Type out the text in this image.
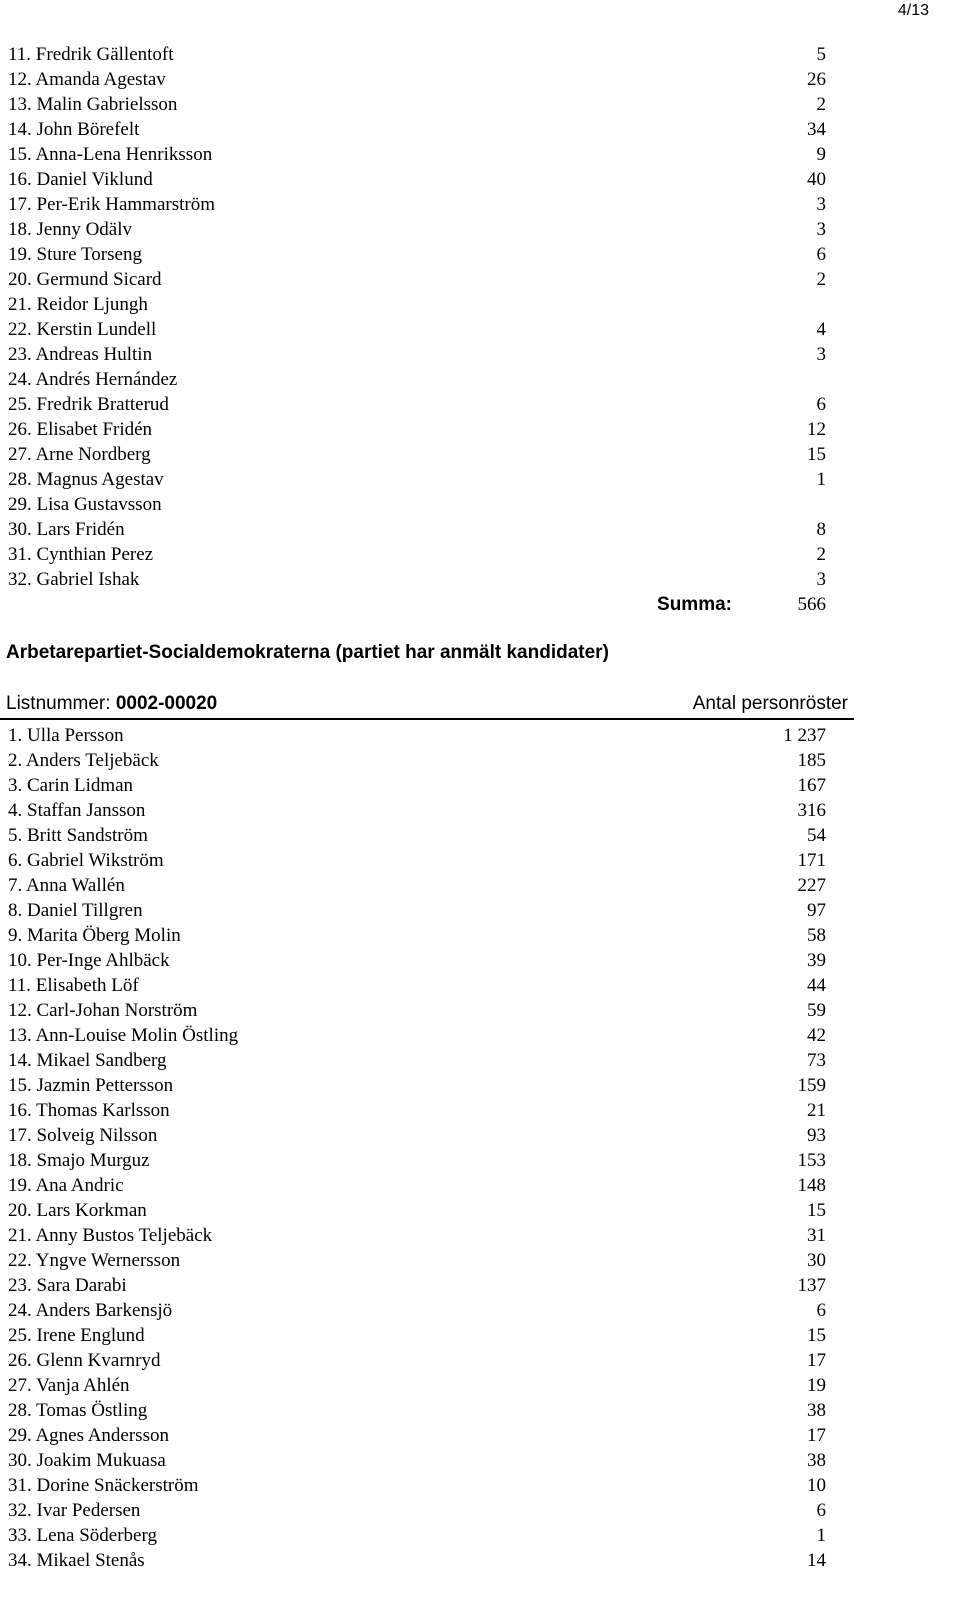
4/13
11. Fredrik Gällentoft	5
12. Amanda Agestav	26
13. Malin Gabrielsson	2
14. John Börefelt	34
15. Anna-Lena Henriksson	9
16. Daniel Viklund	40
17. Per-Erik Hammarström	3
18. Jenny Odälv	3
19. Sture Torseng	6
20. Germund Sicard	2
21. Reidor Ljungh
22. Kerstin Lundell	4
23. Andreas Hultin	3
24. Andrés Hernández
25. Fredrik Bratterud	6
26. Elisabet Fridén	12
27. Arne Nordberg	15
28. Magnus Agestav	1
29. Lisa Gustavsson
30. Lars Fridén	8
31. Cynthian Perez	2
32. Gabriel Ishak	3
Summa:	566
Arbetarepartiet-Socialdemokraterna (partiet har anmält kandidater)
Listnummer: 0002-00020	Antal personröster
1. Ulla Persson	1 237
2. Anders Teljebäck	185
3. Carin Lidman	167
4. Staffan Jansson	316
5. Britt Sandström	54
6. Gabriel Wikström	171
7. Anna Wallén	227
8. Daniel Tillgren	97
9. Marita Öberg Molin	58
10. Per-Inge Ahlbäck	39
11. Elisabeth Löf	44
12. Carl-Johan Norström	59
13. Ann-Louise Molin Östling	42
14. Mikael Sandberg	73
15. Jazmin Pettersson	159
16. Thomas Karlsson	21
17. Solveig Nilsson	93
18. Smajo Murguz	153
19. Ana Andric	148
20. Lars Korkman	15
21. Anny Bustos Teljebäck	31
22. Yngve Wernersson	30
23. Sara Darabi	137
24. Anders Barkensjö	6
25. Irene Englund	15
26. Glenn Kvarnryd	17
27. Vanja Ahlén	19
28. Tomas Östling	38
29. Agnes Andersson	17
30. Joakim Mukuasa	38
31. Dorine Snäckerström	10
32. Ivar Pedersen	6
33. Lena Söderberg	1
34. Mikael Stenås	14
